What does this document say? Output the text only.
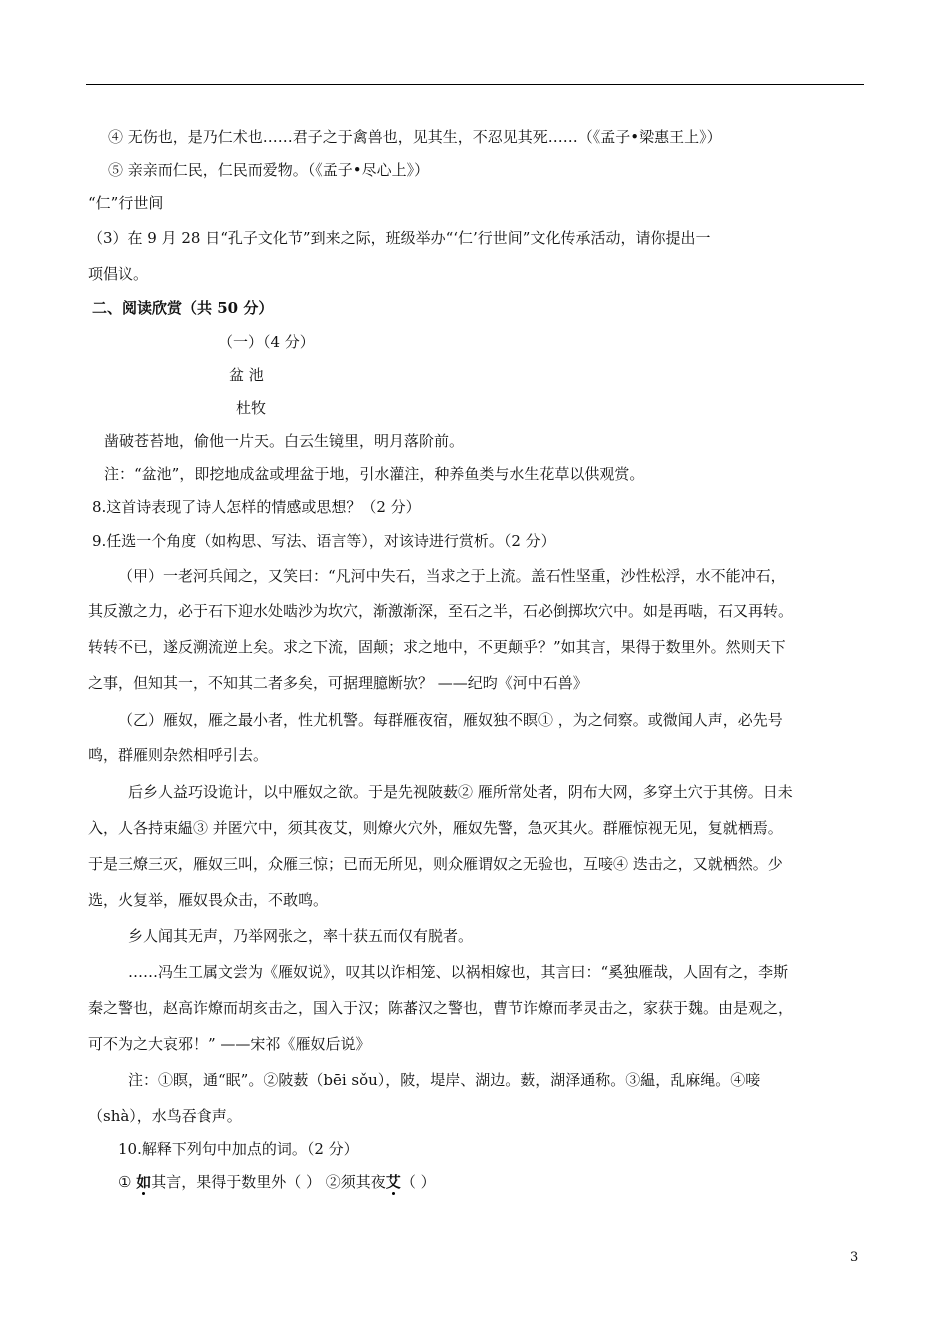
④ 无伤也，是乃仁术也……君子之于禽兽也，见其生，不忍见其死……（《孟子•梁惠王上》）
⑤ 亲亲而仁民，仁民而爱物。（《孟子•尽心上》）
“仁”行世间
（3）在 9 月 28 日“孔子文化节”到来之际，班级举办“‘仁’行世间”文化传承活动，请你提出一
项倡议。
二、阅读欣赏（共 50 分）
（一）（4 分）
盆 池
杜牧
凿破苍苔地，偷他一片天。白云生镜里，明月落阶前。
注：“盆池”，即挖地成盆或埋盆于地，引水灌注，种养鱼类与水生花草以供观赏。
8.这首诗表现了诗人怎样的情感或思想？（2 分）
9.任选一个角度（如构思、写法、语言等），对该诗进行赏析。（2 分）
（甲）一老河兵闻之，又笑曰：“凡河中失石，当求之于上流。盖石性坚重，沙性松浮，水不能冲石，
其反激之力，必于石下迎水处啮沙为坎穴，渐激渐深，至石之半，石必倒掷坎穴中。如是再啮，石又再转。
转转不已，遂反溯流逆上矣。求之下流，固颠；求之地中，不更颠乎？”如其言，果得于数里外。然则天下
之事，但知其一，不知其二者多矣，可据理臆断欤？ ——纪昀《河中石兽》
（乙）雁奴，雁之最小者，性尤机警。每群雁夜宿，雁奴独不瞑① ，为之伺察。或微闻人声，必先号
鸣，群雁则杂然相呼引去。
后乡人益巧设诡计，以中雁奴之欲。于是先视陂薮② 雁所常处者，阴布大网，多穿土穴于其傍。日未
入，人各持束緼③ 并匿穴中，须其夜艾，则燎火穴外，雁奴先警，急灭其火。群雁惊视无见，复就栖焉。
于是三燎三灭，雁奴三叫，众雁三惊；已而无所见，则众雁谓奴之无验也，互唼④ 迭击之，又就栖然。少
选，火复举，雁奴畏众击，不敢鸣。
乡人闻其无声，乃举网张之，率十获五而仅有脱者。
……冯生工属文尝为《雁奴说》，叹其以诈相笼、以祸相嫁也，其言曰：“奚独雁哉，人固有之，李斯
秦之警也，赵高诈燎而胡亥击之，国入于汉；陈蕃汉之警也，曹节诈燎而孝灵击之，家获于魏。由是观之，
可不为之大哀邪！” ——宋祁《雁奴后说》
注：①瞑，通“眠”。②陂薮（bēi sǒu），陂，堤岸、湖边。薮，湖泽通称。③緼，乱麻绳。④唼
（shà），水鸟吞食声。
10.解释下列句中加点的词。（2 分）
① 如其言，果得于数里外（ ） ②须其夜艾（ ）
3
